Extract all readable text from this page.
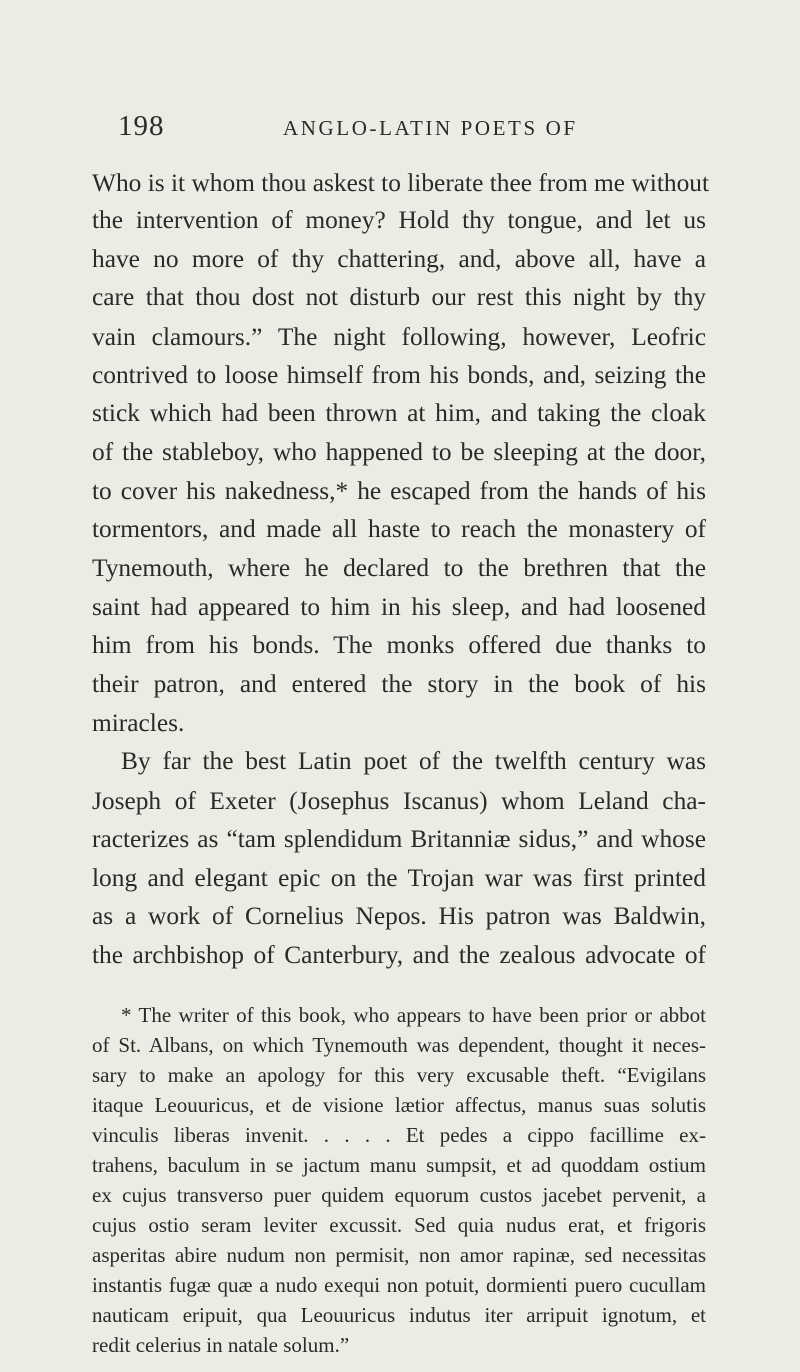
198	ANGLO-LATIN POETS OF
Who is it whom thou askest to liberate thee from me without
the intervention of money? Hold thy tongue, and let us
have no more of thy chattering, and, above all, have a
care that thou dost not disturb our rest this night by thy
vain clamours.” The night following, however, Leofric
contrived to loose himself from his bonds, and, seizing the
stick which had been thrown at him, and taking the cloak
of the stableboy, who happened to be sleeping at the door,
to cover his nakedness,* he escaped from the hands of his
tormentors, and made all haste to reach the monastery of
Tynemouth, where he declared to the brethren that the
saint had appeared to him in his sleep, and had loosened
him from his bonds. The monks offered due thanks to
their patron, and entered the story in the book of his
miracles.
By far the best Latin poet of the twelfth century was
Joseph of Exeter (Josephus Iscanus) whom Leland cha-
racterizes as “tam splendidum Britanniæ sidus,” and whose
long and elegant epic on the Trojan war was first printed
as a work of Cornelius Nepos. His patron was Baldwin,
the archbishop of Canterbury, and the zealous advocate of
* The writer of this book, who appears to have been prior or abbot
of St. Albans, on which Tynemouth was dependent, thought it neces-
sary to make an apology for this very excusable theft. “Evigilans
itaque Leouuricus, et de visione lætior affectus, manus suas solutis
vinculis liberas invenit. . . . . Et pedes a cippo facillime ex-
trahens, baculum in se jactum manu sumpsit, et ad quoddam ostium
ex cujus transverso puer quidem equorum custos jacebet pervenit, a
cujus ostio seram leviter excussit. Sed quia nudus erat, et frigoris
asperitas abire nudum non permisit, non amor rapinæ, sed necessitas
instantis fugæ quæ a nudo exequi non potuit, dormienti puero cucullam
nauticam eripuit, qua Leouuricus indutus iter arripuit ignotum, et
redit celerius in natale solum.”
